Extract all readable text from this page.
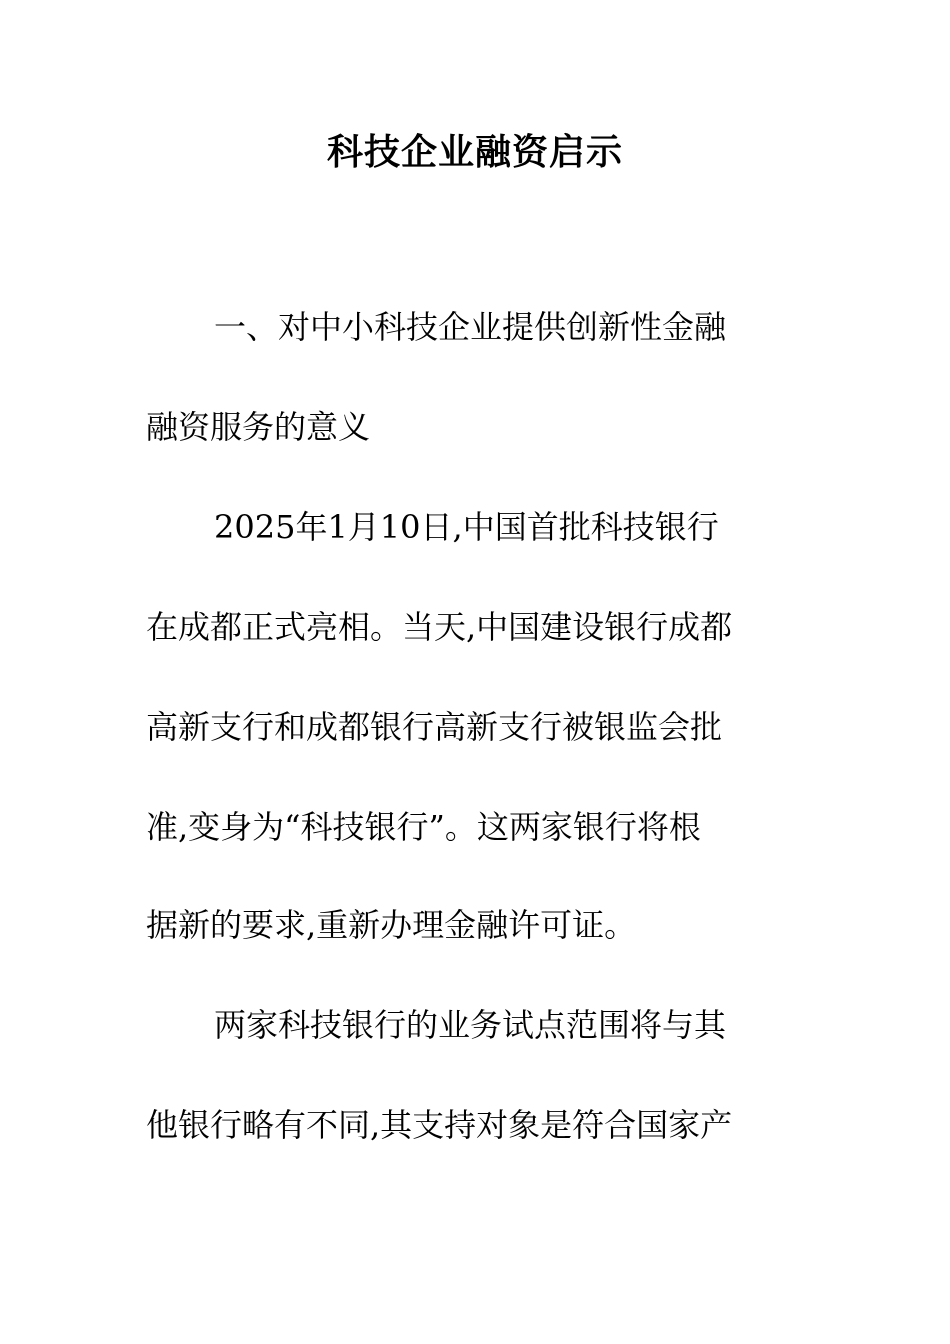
科技企业融资启示
一、对中小科技企业提供创新性金融
融资服务的意义
2025年1月10日,中国首批科技银行
在成都正式亮相。当天,中国建设银行成都
高新支行和成都银行高新支行被银监会批
准,变身为“科技银行”。这两家银行将根
据新的要求,重新办理金融许可证。
两家科技银行的业务试点范围将与其
他银行略有不同,其支持对象是符合国家产
